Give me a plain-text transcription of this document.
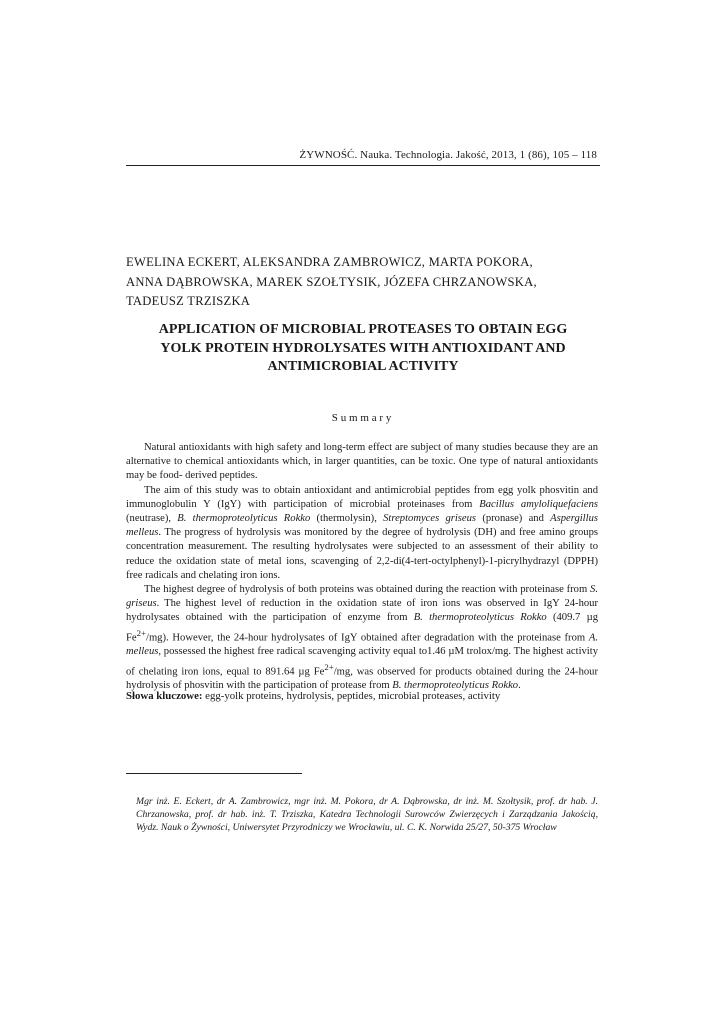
ŻYWNOŚĆ. Nauka. Technologia. Jakość, 2013, 1 (86), 105 – 118
EWELINA ECKERT, ALEKSANDRA ZAMBROWICZ, MARTA POKORA,
ANNA DĄBROWSKA, MAREK SZOŁTYSIK, JÓZEFA CHRZANOWSKA,
TADEUSZ TRZISZKA
APPLICATION OF MICROBIAL PROTEASES TO OBTAIN EGG
YOLK PROTEIN HYDROLYSATES WITH ANTIOXIDANT AND
ANTIMICROBIAL ACTIVITY
Summary

Natural antioxidants with high safety and long-term effect are subject of many studies because they are an alternative to chemical antioxidants which, in larger quantities, can be toxic. One type of natural antioxidants may be food- derived peptides.

The aim of this study was to obtain antioxidant and antimicrobial peptides from egg yolk phosvitin and immunoglobulin Y (IgY) with participation of microbial proteinases from Bacillus amyloliquefaciens (neutrase), B. thermoproteolyticus Rokko (thermolysin), Streptomyces griseus (pronase) and Aspergillus melleus. The progress of hydrolysis was monitored by the degree of hydrolysis (DH) and free amino groups concentration measurement. The resulting hydrolysates were subjected to an assessment of their ability to reduce the oxidation state of metal ions, scavenging of 2,2-di(4-tert-octylphenyl)-1-picrylhydrazyl (DPPH) free radicals and chelating iron ions.

The highest degree of hydrolysis of both proteins was obtained during the reaction with proteinase from S. griseus. The highest level of reduction in the oxidation state of iron ions was observed in IgY 24-hour hydrolysates obtained with the participation of enzyme from B. thermoproteolyticus Rokko (409.7 µg $Fe^{2+}/mg$). However, the 24-hour hydrolysates of IgY obtained after degradation with the proteinase from A. melleus, possessed the highest free radical scavenging activity equal to1.46 µM trolox/mg. The highest activity of chelating iron ions, equal to 891.64 µg $Fe^{2+}/mg$, was observed for products obtained during the 24-hour hydrolysis of phosvitin with the participation of protease from B. thermoproteolyticus Rokko.

Słowa kluczowe: egg-yolk proteins, hydrolysis, peptides, microbial proteases, activity
Mgr inż. E. Eckert, dr A. Zambrowicz, mgr inż. M. Pokora, dr A. Dąbrowska, dr inż. M. Szołtysik, prof. dr hab. J. Chrzanowska, prof. dr hab. inż. T. Trziszka, Katedra Technologii Surowców Zwierzęcych i Zarządzania Jakością, Wydz. Nauk o Żywności, Uniwersytet Przyrodniczy we Wrocławiu, ul. C. K. Norwida 25/27, 50-375 Wrocław
